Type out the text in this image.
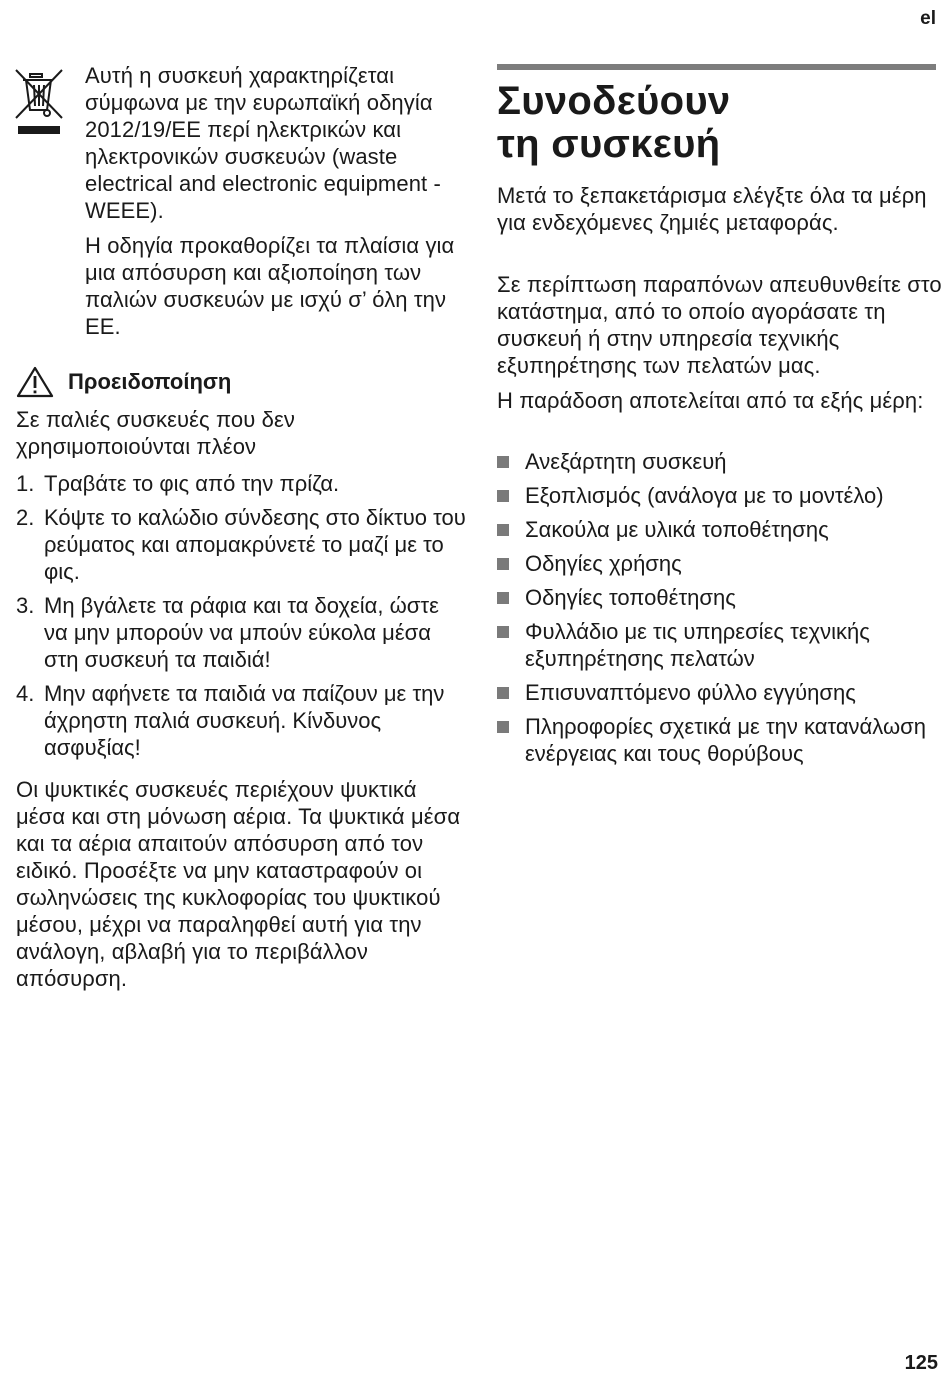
el

Αυτή η συσκευή χαρακτηρίζεται σύμφωνα με την ευρωπαϊκή οδηγία 2012/19/ΕΕ περί ηλεκτρικών και ηλεκτρονικών συσκευών (waste electrical and electronic equipment - WEEE).

Η οδηγία προκαθορίζει τα πλαίσια για μια απόσυρση και αξιοποίηση των παλιών συσκευών με ισχύ σ’ όλη την ΕΕ.

Προειδοποίηση

Σε παλιές συσκευές που δεν χρησιμοποιούνται πλέον

1. Τραβάτε το φις από την πρίζα.
2. Κόψτε το καλώδιο σύνδεσης στο δίκτυο του ρεύματος και απομακρύνετέ το μαζί με το φις.
3. Μη βγάλετε τα ράφια και τα δοχεία, ώστε να μην μπορούν να μπούν εύκολα μέσα στη συσκευή τα παιδιά!
4. Μην αφήνετε τα παιδιά να παίζουν με την άχρηστη παλιά συσκευή. Κίνδυνος ασφυξίας!

Οι ψυκτικές συσκευές περιέχουν ψυκτικά μέσα και στη μόνωση αέρια. Τα ψυκτικά μέσα και τα αέρια απαιτούν απόσυρση από τον ειδικό. Προσέξτε να μην καταστραφούν οι σωληνώσεις της κυκλοφορίας του ψυκτικού μέσου, μέχρι να παραληφθεί αυτή για την ανάλογη, αβλαβή για το περιβάλλον απόσυρση.

Συνοδεύουν
τη συσκευή

Μετά το ξεπακετάρισμα ελέγξτε όλα τα μέρη για ενδεχόμενες ζημιές μεταφοράς.

Σε περίπτωση παραπόνων απευθυνθείτε στο κατάστημα, από το οποίο αγοράσατε τη συσκευή ή στην υπηρεσία τεχνικής εξυπηρέτησης των πελατών μας.

Η παράδοση αποτελείται από τα εξής μέρη:

Ανεξάρτητη συσκευή
Εξοπλισμός (ανάλογα με το μοντέλο)
Σακούλα με υλικά τοποθέτησης
Οδηγίες χρήσης
Οδηγίες τοποθέτησης
Φυλλάδιο με τις υπηρεσίες τεχνικής εξυπηρέτησης πελατών
Επισυναπτόμενο φύλλο εγγύησης
Πληροφορίες σχετικά με την κατανάλωση ενέργειας και τους θορύβους
125
